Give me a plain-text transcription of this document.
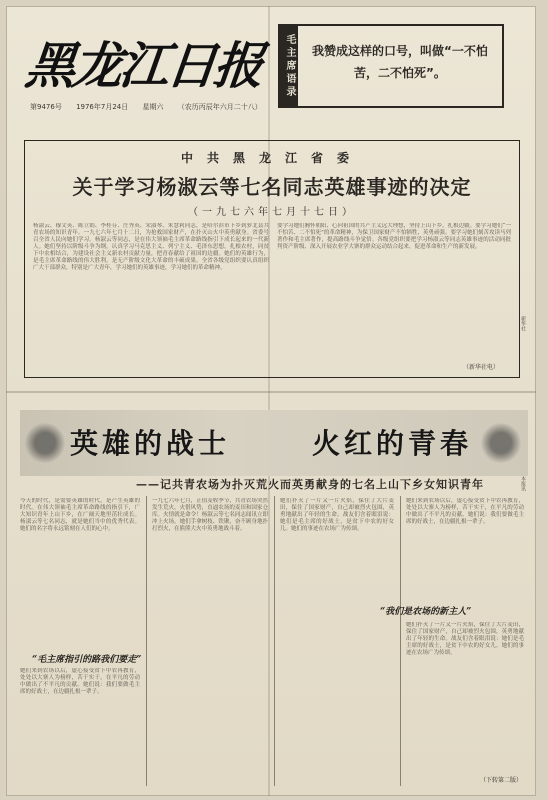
黑龙江日报
第9476号 1976年7月24日 星期六 （农历丙辰年六月二十八）
毛主席语录	我赞成这样的口号，叫做“一不怕苦，二不怕死”。
中共黑龙江省委
关于学习杨淑云等七名同志英雄事迹的决定
（一九七六年七月十七日）
杨淑云、穆文英、陈立娟、李桂芬、庄秀英、宋淑琴、朱慧莉同志，是哈尔滨市下乡到萝北县共青农场的知识青年。一九七六年七月十二日，为抢救国家财产，在扑灭山火中英勇献身。省委号召全省人民向她们学习。杨淑云等同志，是在伟大领袖毛主席革命路线指引下成长起来的一代新人。她们坚持以阶级斗争为纲，认真学习马克思主义、列宁主义、毛泽东思想，扎根农村，同贫下中农相结合，为建设社会主义新农村贡献力量，把青春献给了祖国的边疆。她们的英雄行为，是毛主席革命路线的伟大胜利，是无产阶级文化大革命的丰硕成果。全省各级党组织要认真组织广大干部群众，特别是广大青年，学习她们的英雄事迹，学习她们的革命精神。
要学习她们胸怀朝阳、心向祖国的共产主义远大理想，坚持上山下乡，扎根边疆。要学习她们“一不怕苦、二不怕死”的革命精神，为保卫国家财产不怕牺牲，英勇顽强。要学习她们刻苦攻读马列著作和毛主席著作，提高路线斗争觉悟。各级党组织要把学习杨淑云等同志英雄事迹的活动同批判资产阶级、深入开展农业学大寨的群众运动结合起来，促进革命和生产的新发展。
（新华社电）
新华社
本报讯
英雄的战士	火红的青春
——记共青农场为扑灭荒火而英勇献身的七名上山下乡女知识青年
今天的时代，是需要英雄的时代，是产生英雄的时代。在伟大领袖毛主席革命路线的指引下，广大知识青年上山下乡，在广阔天地里茁壮成长。杨淑云等七名同志，就是她们当中的优秀代表。她们的名字将永远铭刻在人们的心中。
“毛主席指引的路我们要走”
她们来到农场以后，虚心接受贫下中农再教育，处处以大寨人为榜样，苦干实干，在平凡的劳动中做出了不平凡的贡献。她们说：我们要做毛主席的好战士，在边疆扎根一辈子。
一九七六年七月，正值麦收季节，共青农场突然发生荒火，火借风势，直逼农场的麦田和国家仓库。火情就是命令！杨淑云等七名同志闻讯立即冲上火场。她们手拿树枝、铁锹，奋不顾身地扑打烈火，在熊熊大火中英勇地战斗着。
她们扑灭了一片又一片火焰，保住了大片麦田，保住了国家财产，自己却被烈火包围，英勇地献出了年轻的生命。战友们含着眼泪说：她们是毛主席的好战士，是贫下中农的好女儿。她们的事迹在农场广为传颂。
她们来到农场以后，虚心接受贫下中农再教育，处处以大寨人为榜样，苦干实干，在平凡的劳动中做出了不平凡的贡献。她们说：我们要做毛主席的好战士，在边疆扎根一辈子。
“我们是农场的新主人”
她们扑灭了一片又一片火焰，保住了大片麦田，保住了国家财产，自己却被烈火包围，英勇地献出了年轻的生命。战友们含着眼泪说：她们是毛主席的好战士，是贫下中农的好女儿。她们的事迹在农场广为传颂。
（下转第二版）
